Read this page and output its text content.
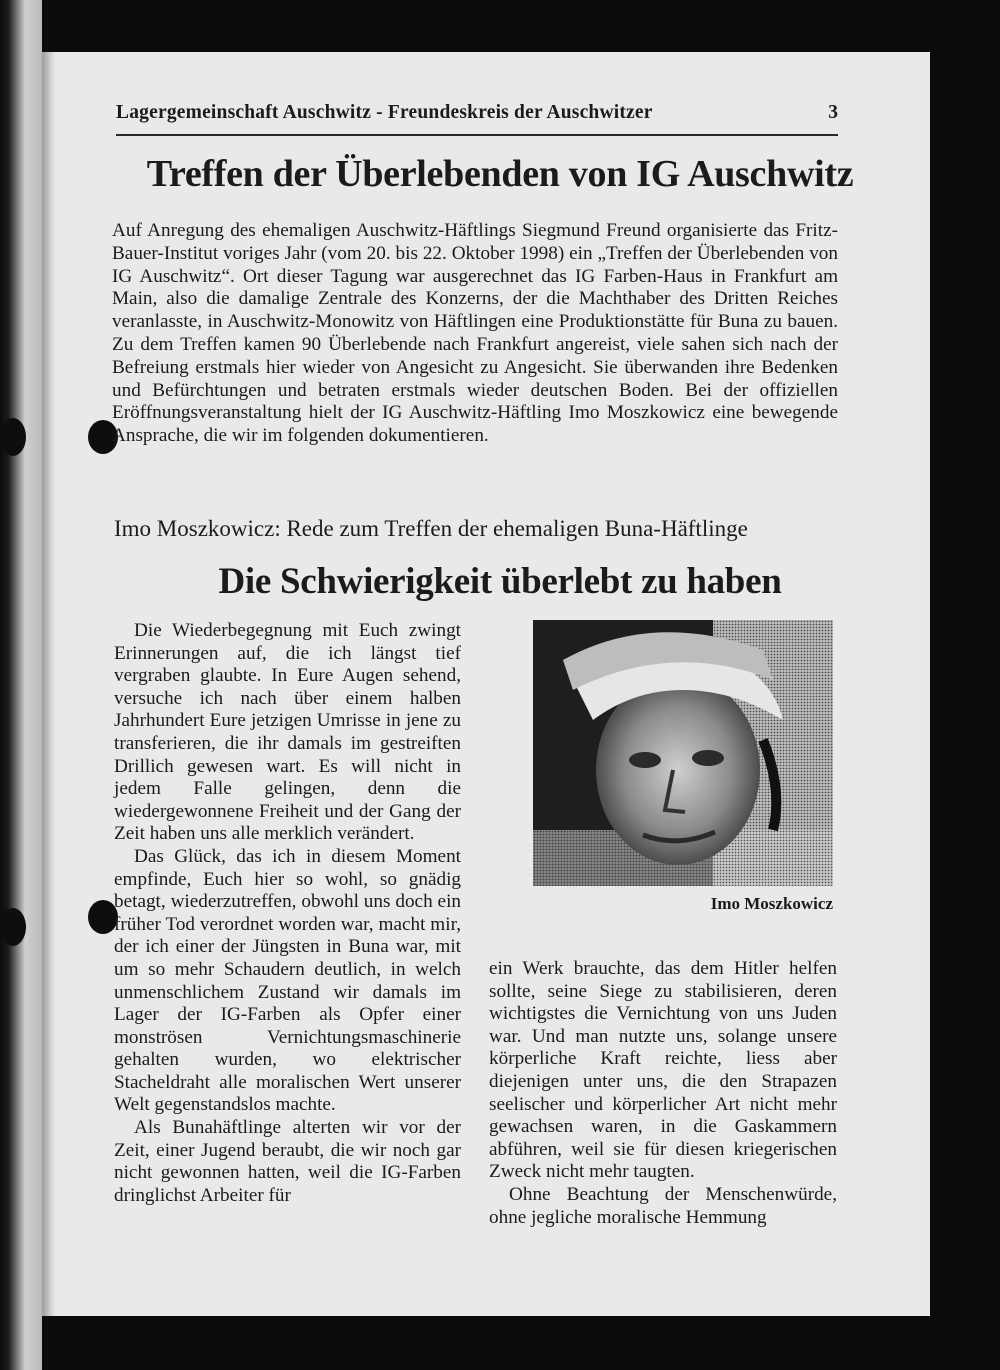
Lagergemeinschaft Auschwitz - Freundeskreis der Auschwitzer	3
Treffen der Überlebenden von IG Auschwitz
Auf Anregung des ehemaligen Auschwitz-Häftlings Siegmund Freund organisierte das Fritz-Bauer-Institut voriges Jahr (vom 20. bis 22. Oktober 1998) ein „Treffen der Überlebenden von IG Auschwitz“. Ort dieser Tagung war ausgerechnet das IG Farben-Haus in Frankfurt am Main, also die damalige Zentrale des Konzerns, der die Machthaber des Dritten Reiches veranlasste, in Auschwitz-Monowitz von Häftlingen eine Produktionstätte für Buna zu bauen. Zu dem Treffen kamen 90 Überlebende nach Frankfurt angereist, viele sahen sich nach der Befreiung erstmals hier wieder von Angesicht zu Angesicht. Sie überwanden ihre Bedenken und Befürchtungen und betraten erstmals wieder deutschen Boden. Bei der offiziellen Eröffnungsveranstaltung hielt der IG Auschwitz-Häftling Imo Moszkowicz eine bewegende Ansprache, die wir im folgenden dokumentieren.
Imo Moszkowicz: Rede zum Treffen der ehemaligen Buna-Häftlinge
Die Schwierigkeit überlebt zu haben

Die Wiederbegegnung mit Euch zwingt Erinnerungen auf, die ich längst tief vergraben glaubte. In Eure Augen sehend, versuche ich nach über einem halben Jahrhundert Eure jetzigen Umrisse in jene zu transferieren, die ihr damals im gestreiften Drillich gewesen wart. Es will nicht in jedem Falle gelingen, denn die wiedergewonnene Freiheit und der Gang der Zeit haben uns alle merklich verändert.

Das Glück, das ich in diesem Moment empfinde, Euch hier so wohl, so gnädig betagt, wiederzutreffen, obwohl uns doch ein früher Tod verordnet worden war, macht mir, der ich einer der Jüngsten in Buna war, mit um so mehr Schaudern deutlich, in welch unmenschlichem Zustand wir damals im Lager der IG-Farben als Opfer einer monströsen Vernichtungsmaschinerie gehalten wurden, wo elektrischer Stacheldraht alle moralischen Wert unserer Welt gegenstandslos machte.

Als Bunahäftlinge alterten wir vor der Zeit, einer Jugend beraubt, die wir noch gar nicht gewonnen hatten, weil die IG-Farben dringlichst Arbeiter für

Imo Moszkowicz

ein Werk brauchte, das dem Hitler helfen sollte, seine Siege zu stabilisieren, deren wichtigstes die Vernichtung von uns Juden war. Und man nutzte uns, solange unsere körperliche Kraft reichte, liess aber diejenigen unter uns, die den Strapazen seelischer und körperlicher Art nicht mehr gewachsen waren, in die Gaskammern abführen, weil sie für diesen kriegerischen Zweck nicht mehr taugten.

Ohne Beachtung der Menschenwürde, ohne jegliche moralische Hemmung
